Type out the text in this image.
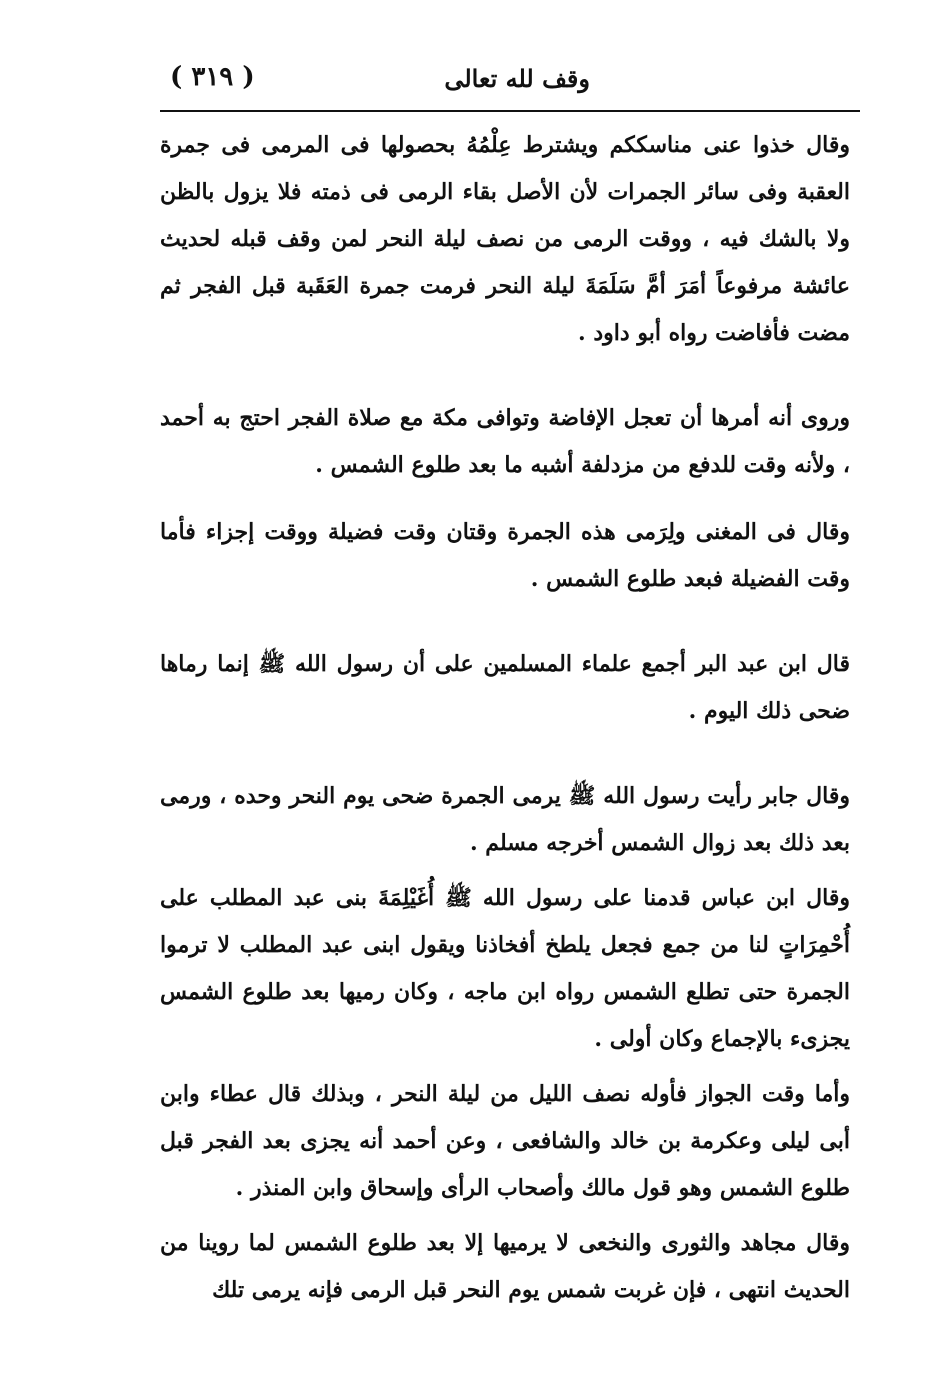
وقف لله تعالى
( ٣١٩ )

وقال خذوا عنى مناسككم ويشترط عِلْمُهُ بحصولها فى المرمى فى جمرة العقبة وفى سائر الجمرات لأن الأصل بقاء الرمى فى ذمته فلا يزول بالظن ولا بالشك فيه ، ووقت الرمى من نصف ليلة النحر لمن وقف قبله لحديث عائشة مرفوعاً أمَرَ أمَّ سَلَمَةَ ليلة النحر فرمت جمرة العَقَبة قبل الفجر ثم مضت فأفاضت رواه أبو داود .

وروى أنه أمرها أن تعجل الإفاضة وتوافى مكة مع صلاة الفجر احتج به أحمد ، ولأنه وقت للدفع من مزدلفة أشبه ما بعد طلوع الشمس .

وقال فى المغنى ولِرَمى هذه الجمرة وقتان وقت فضيلة ووقت إجزاء فأما وقت الفضيلة فبعد طلوع الشمس .

قال ابن عبد البر أجمع علماء المسلمين على أن رسول الله ﷺ إنما رماها ضحى ذلك اليوم .

وقال جابر رأيت رسول الله ﷺ يرمى الجمرة ضحى يوم النحر وحده ، ورمى بعد ذلك بعد زوال الشمس أخرجه مسلم .

وقال ابن عباس قدمنا على رسول الله ﷺ أُغَيْلِمَةَ بنى عبد المطلب على أُحْمِرَاتٍ لنا من جمع فجعل يلطخ أفخاذنا ويقول ابنى عبد المطلب لا ترموا الجمرة حتى تطلع الشمس رواه ابن ماجه ، وكان رميها بعد طلوع الشمس يجزىء بالإجماع وكان أولى .

وأما وقت الجواز فأوله نصف الليل من ليلة النحر ، وبذلك قال عطاء وابن أبى ليلى وعكرمة بن خالد والشافعى ، وعن أحمد أنه يجزى بعد الفجر قبل طلوع الشمس وهو قول مالك وأصحاب الرأى وإسحاق وابن المنذر .

وقال مجاهد والثورى والنخعى لا يرميها إلا بعد طلوع الشمس لما روينا من الحديث انتهى ، فإن غربت شمس يوم النحر قبل الرمى فإنه يرمى تلك
